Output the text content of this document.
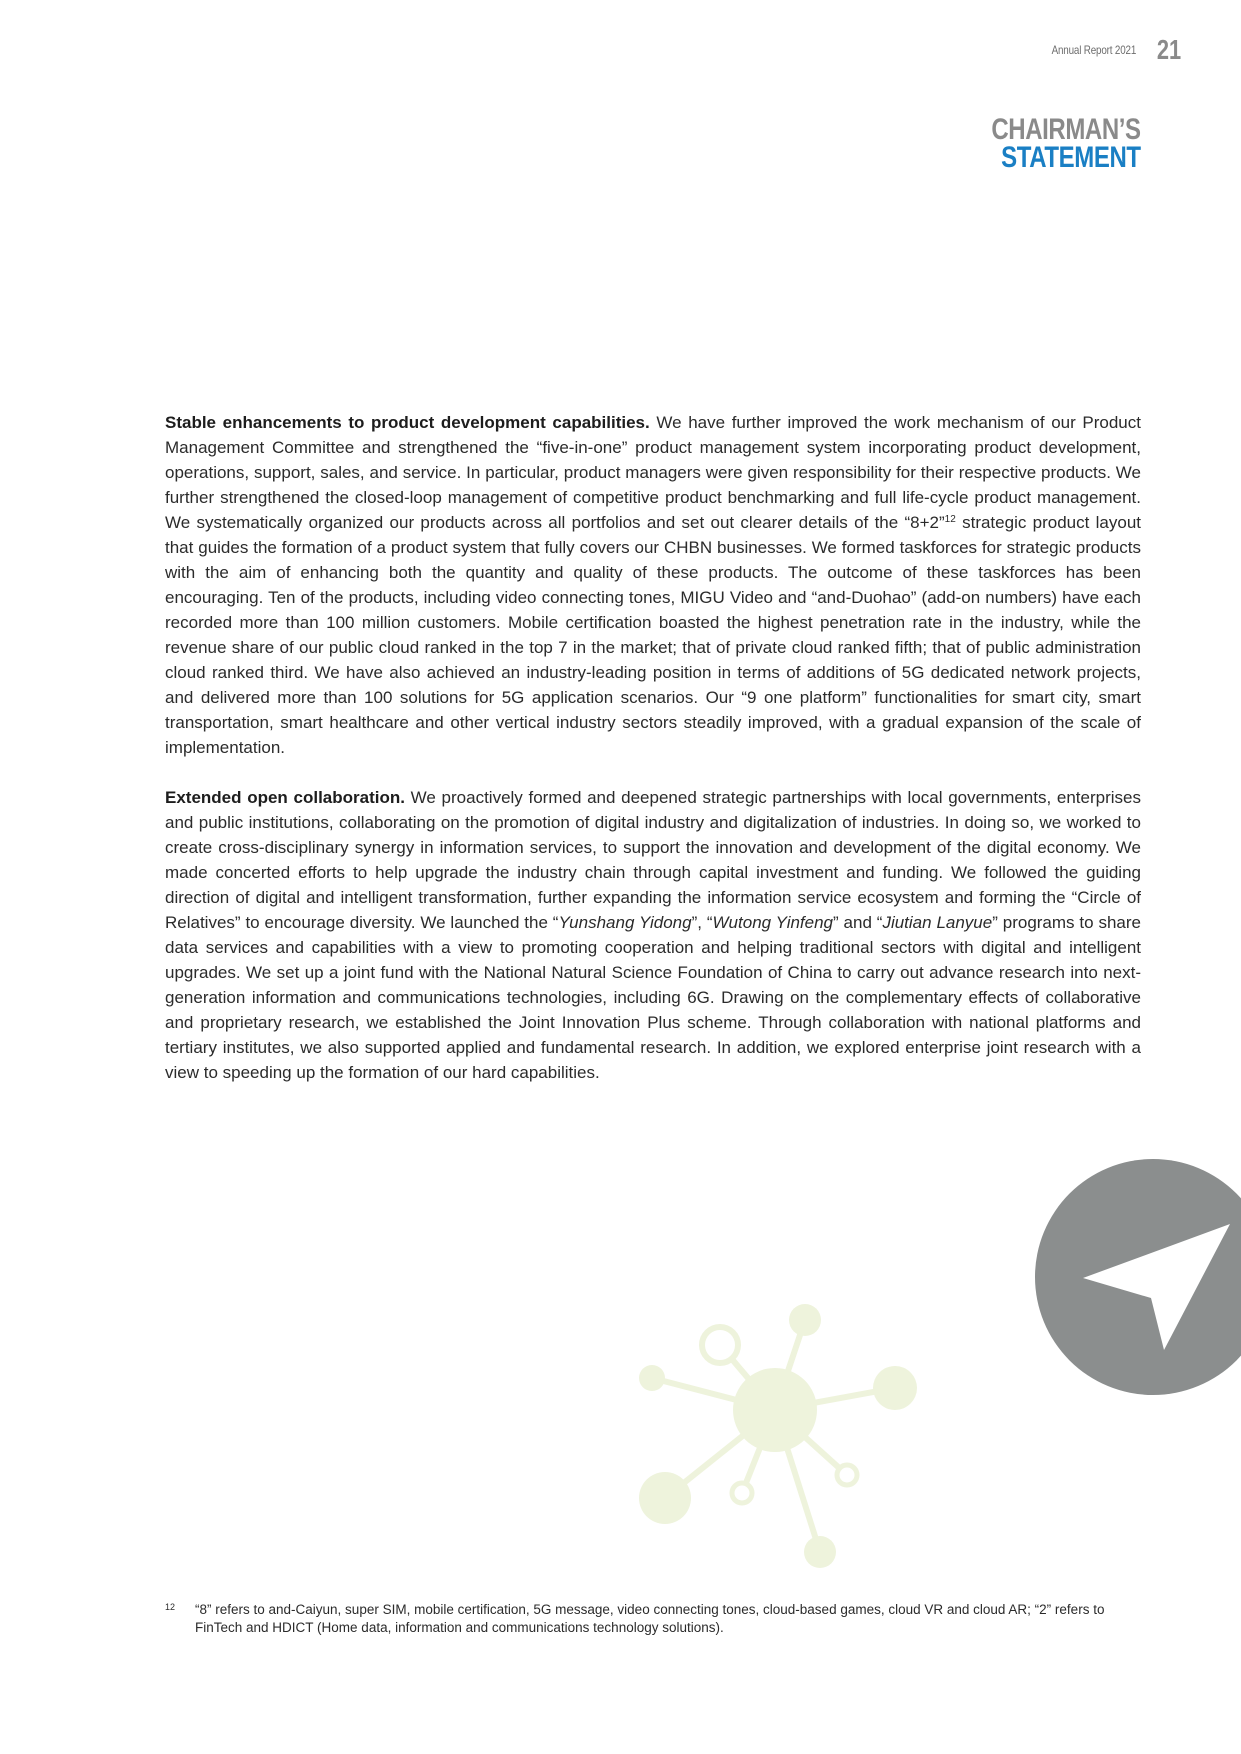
Annual Report 2021 21
CHAIRMAN’S
STATEMENT

Stable enhancements to product development capabilities. We have further improved the work mechanism of our Product Management Committee and strengthened the “five-in-one” product management system incorporating product development, operations, support, sales, and service. In particular, product managers were given responsibility for their respective products. We further strengthened the closed-loop management of competitive product benchmarking and full life-cycle product management. We systematically organized our products across all portfolios and set out clearer details of the “8+2”$^{12}$ strategic product layout that guides the formation of a product system that fully covers our CHBN businesses. We formed taskforces for strategic products with the aim of enhancing both the quantity and quality of these products. The outcome of these taskforces has been encouraging. Ten of the products, including video connecting tones, MIGU Video and “and-Duohao” (add-on numbers) have each recorded more than 100 million customers. Mobile certification boasted the highest penetration rate in the industry, while the revenue share of our public cloud ranked in the top 7 in the market; that of private cloud ranked fifth; that of public administration cloud ranked third. We have also achieved an industry-leading position in terms of additions of 5G dedicated network projects, and delivered more than 100 solutions for 5G application scenarios. Our “9 one platform” functionalities for smart city, smart transportation, smart healthcare and other vertical industry sectors steadily improved, with a gradual expansion of the scale of implementation.

Extended open collaboration. We proactively formed and deepened strategic partnerships with local governments, enterprises and public institutions, collaborating on the promotion of digital industry and digitalization of industries. In doing so, we worked to create cross-disciplinary synergy in information services, to support the innovation and development of the digital economy. We made concerted efforts to help upgrade the industry chain through capital investment and funding. We followed the guiding direction of digital and intelligent transformation, further expanding the information service ecosystem and forming the “Circle of Relatives” to encourage diversity. We launched the “Yunshang Yidong”, “Wutong Yinfeng” and “Jiutian Lanyue” programs to share data services and capabilities with a view to promoting cooperation and helping traditional sectors with digital and intelligent upgrades. We set up a joint fund with the National Natural Science Foundation of China to carry out advance research into next-generation information and communications technologies, including 6G. Drawing on the complementary effects of collaborative and proprietary research, we established the Joint Innovation Plus scheme. Through collaboration with national platforms and tertiary institutes, we also supported applied and fundamental research. In addition, we explored enterprise joint research with a view to speeding up the formation of our hard capabilities.

12	“8” refers to and-Caiyun, super SIM, mobile certification, 5G message, video connecting tones, cloud-based games, cloud VR and cloud AR; “2” refers to FinTech and HDICT (Home data, information and communications technology solutions).
